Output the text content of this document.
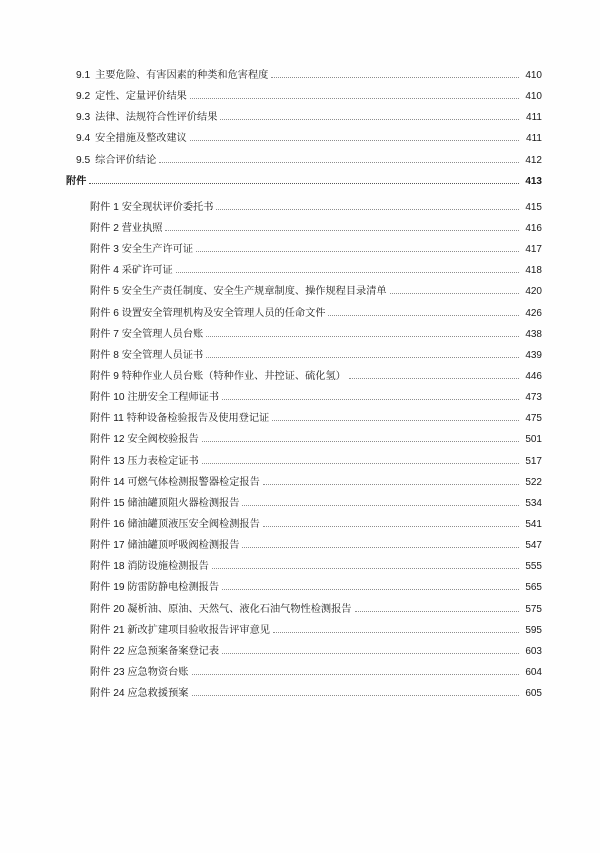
9.1 主要危险、有害因素的种类和危害程度	410
9.2 定性、定量评价结果	410
9.3 法律、法规符合性评价结果	411
9.4 安全措施及整改建议	411
9.5 综合评价结论	412
附件	413
附件 1 安全现状评价委托书	415
附件 2 营业执照	416
附件 3 安全生产许可证	417
附件 4 采矿许可证	418
附件 5 安全生产责任制度、安全生产规章制度、操作规程目录清单	420
附件 6 设置安全管理机构及安全管理人员的任命文件	426
附件 7 安全管理人员台账	438
附件 8 安全管理人员证书	439
附件 9 特种作业人员台账（特种作业、井控证、硫化氢）	446
附件 10 注册安全工程师证书	473
附件 11 特种设备检验报告及使用登记证	475
附件 12 安全阀校验报告	501
附件 13 压力表检定证书	517
附件 14 可燃气体检测报警器检定报告	522
附件 15 储油罐顶阻火器检测报告	534
附件 16 储油罐顶液压安全阀检测报告	541
附件 17 储油罐顶呼吸阀检测报告	547
附件 18 消防设施检测报告	555
附件 19 防雷防静电检测报告	565
附件 20 凝析油、原油、天然气、液化石油气物性检测报告	575
附件 21 新改扩建项目验收报告评审意见	595
附件 22 应急预案备案登记表	603
附件 23 应急物资台账	604
附件 24 应急救援预案	605
